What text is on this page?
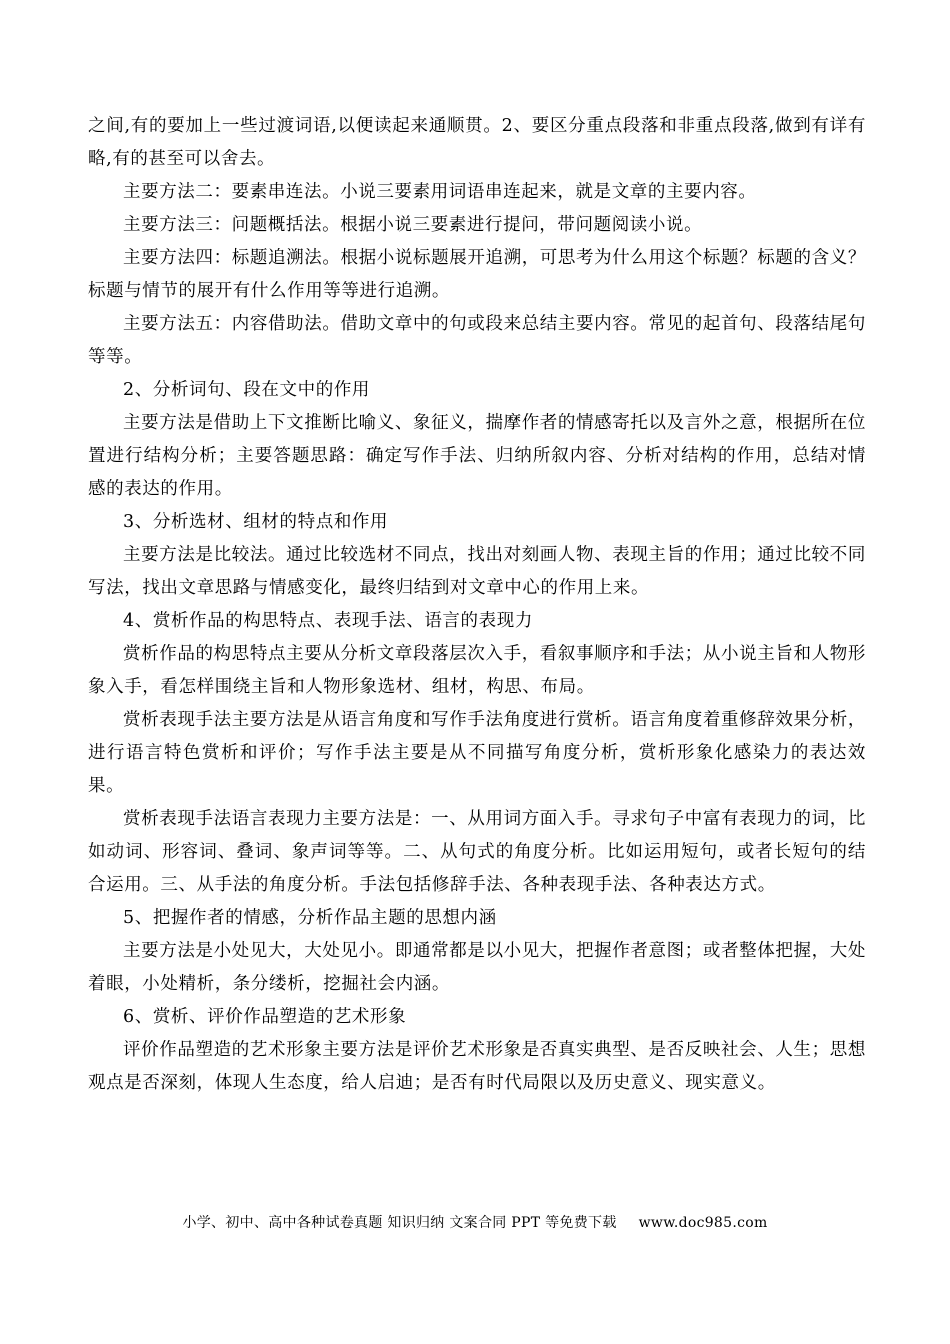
之间,有的要加上一些过渡词语,以便读起来通顺贯。2、要区分重点段落和非重点段落,做到有详有略,有的甚至可以舍去。

主要方法二：要素串连法。小说三要素用词语串连起来，就是文章的主要内容。

主要方法三：问题概括法。根据小说三要素进行提问，带问题阅读小说。

主要方法四：标题追溯法。根据小说标题展开追溯，可思考为什么用这个标题？标题的含义？标题与情节的展开有什么作用等等进行追溯。

主要方法五：内容借助法。借助文章中的句或段来总结主要内容。常见的起首句、段落结尾句等等。

2、分析词句、段在文中的作用

主要方法是借助上下文推断比喻义、象征义，揣摩作者的情感寄托以及言外之意，根据所在位置进行结构分析；主要答题思路：确定写作手法、归纳所叙内容、分析对结构的作用，总结对情感的表达的作用。

3、分析选材、组材的特点和作用

主要方法是比较法。通过比较选材不同点，找出对刻画人物、表现主旨的作用；通过比较不同写法，找出文章思路与情感变化，最终归结到对文章中心的作用上来。

4、赏析作品的构思特点、表现手法、语言的表现力

赏析作品的构思特点主要从分析文章段落层次入手，看叙事顺序和手法；从小说主旨和人物形象入手，看怎样围绕主旨和人物形象选材、组材，构思、布局。

赏析表现手法主要方法是从语言角度和写作手法角度进行赏析。语言角度着重修辞效果分析，进行语言特色赏析和评价；写作手法主要是从不同描写角度分析，赏析形象化感染力的表达效果。

赏析表现手法语言表现力主要方法是：一、从用词方面入手。寻求句子中富有表现力的词，比如动词、形容词、叠词、象声词等等。二、从句式的角度分析。比如运用短句，或者长短句的结合运用。三、从手法的角度分析。手法包括修辞手法、各种表现手法、各种表达方式。

5、把握作者的情感，分析作品主题的思想内涵

主要方法是小处见大，大处见小。即通常都是以小见大，把握作者意图；或者整体把握，大处着眼，小处精析，条分缕析，挖掘社会内涵。

6、赏析、评价作品塑造的艺术形象

评价作品塑造的艺术形象主要方法是评价艺术形象是否真实典型、是否反映社会、人生；思想观点是否深刻，体现人生态度，给人启迪；是否有时代局限以及历史意义、现实意义。

小学、初中、高中各种试卷真题 知识归纳 文案合同 PPT 等免费下载 www.doc985.com
